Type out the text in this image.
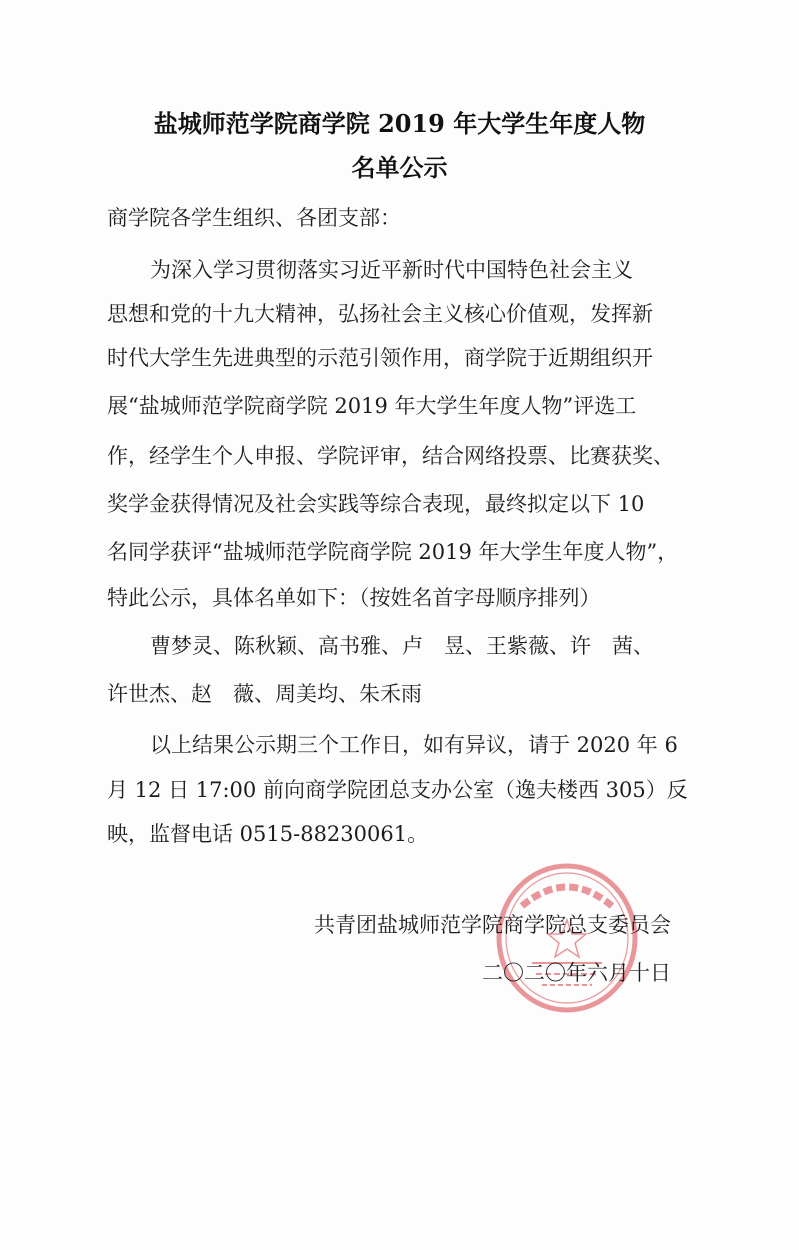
盐城师范学院商学院 2019 年大学生年度人物
名单公示
商学院各学生组织、各团支部：
为深入学习贯彻落实习近平新时代中国特色社会主义
思想和党的十九大精神，弘扬社会主义核心价值观，发挥新
时代大学生先进典型的示范引领作用，商学院于近期组织开
展“盐城师范学院商学院 2019 年大学生年度人物”评选工
作，经学生个人申报、学院评审，结合网络投票、比赛获奖、
奖学金获得情况及社会实践等综合表现，最终拟定以下 10
名同学获评“盐城师范学院商学院 2019 年大学生年度人物”，
特此公示，具体名单如下：（按姓名首字母顺序排列）
曹梦灵、陈秋颖、高书雅、卢　昱、王紫薇、许　茜、
许世杰、赵　薇、周美均、朱禾雨
以上结果公示期三个工作日，如有异议，请于 2020 年 6
月 12 日 17:00 前向商学院团总支办公室（逸夫楼西 305）反
映，监督电话 0515-88230061。
共青团盐城师范学院商学院总支委员会
二〇二〇年六月十日
